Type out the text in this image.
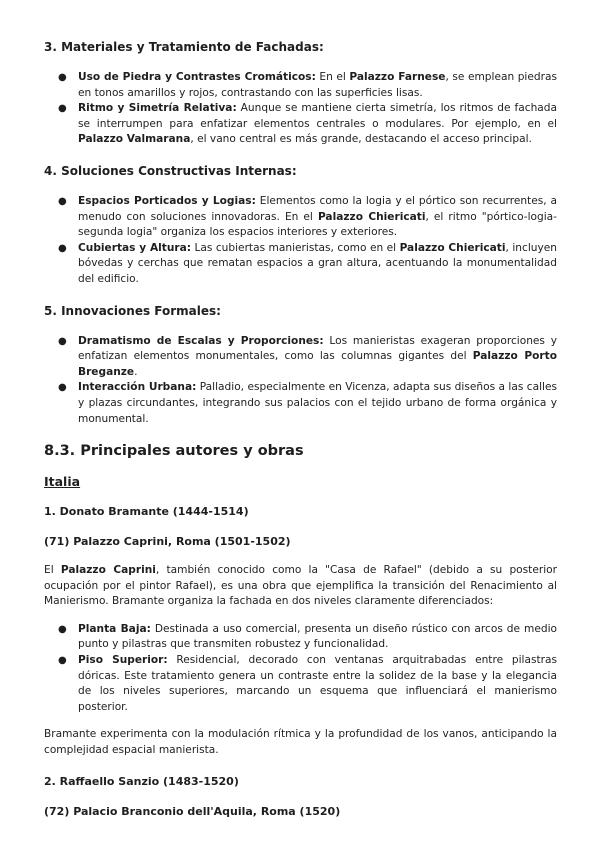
3. Materiales y Tratamiento de Fachadas:
● Uso de Piedra y Contrastes Cromáticos: En el Palazzo Farnese, se emplean piedras en tonos amarillos y rojos, contrastando con las superficies lisas.
● Ritmo y Simetría Relativa: Aunque se mantiene cierta simetría, los ritmos de fachada se interrumpen para enfatizar elementos centrales o modulares. Por ejemplo, en el Palazzo Valmarana, el vano central es más grande, destacando el acceso principal.
4. Soluciones Constructivas Internas:
● Espacios Porticados y Logias: Elementos como la logia y el pórtico son recurrentes, a menudo con soluciones innovadoras. En el Palazzo Chiericati, el ritmo "pórtico-logia-segunda logia" organiza los espacios interiores y exteriores.
● Cubiertas y Altura: Las cubiertas manieristas, como en el Palazzo Chiericati, incluyen bóvedas y cerchas que rematan espacios a gran altura, acentuando la monumentalidad del edificio.
5. Innovaciones Formales:
● Dramatismo de Escalas y Proporciones: Los manieristas exageran proporciones y enfatizan elementos monumentales, como las columnas gigantes del Palazzo Porto Breganze.
● Interacción Urbana: Palladio, especialmente en Vicenza, adapta sus diseños a las calles y plazas circundantes, integrando sus palacios con el tejido urbano de forma orgánica y monumental.
8.3. Principales autores y obras
Italia
1. Donato Bramante (1444-1514)
(71) Palazzo Caprini, Roma (1501-1502)

El Palazzo Caprini, también conocido como la "Casa de Rafael" (debido a su posterior ocupación por el pintor Rafael), es una obra que ejemplifica la transición del Renacimiento al Manierismo. Bramante organiza la fachada en dos niveles claramente diferenciados:

● Planta Baja: Destinada a uso comercial, presenta un diseño rústico con arcos de medio punto y pilastras que transmiten robustez y funcionalidad.
● Piso Superior: Residencial, decorado con ventanas arquitrabadas entre pilastras dóricas. Este tratamiento genera un contraste entre la solidez de la base y la elegancia de los niveles superiores, marcando un esquema que influenciará el manierismo posterior.

Bramante experimenta con la modulación rítmica y la profundidad de los vanos, anticipando la complejidad espacial manierista.

2. Raffaello Sanzio (1483-1520)
(72) Palacio Branconio dell'Aquila, Roma (1520)
